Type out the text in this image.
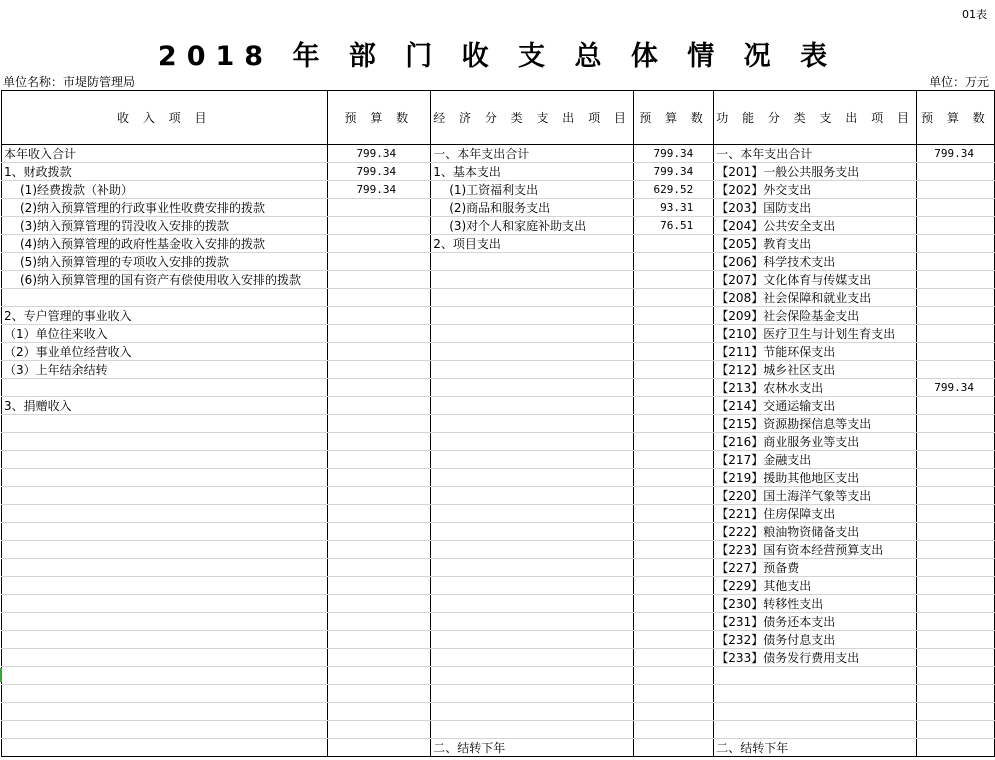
01表
2018 年 部 门 收 支 总 体 情 况 表
单位名称：市堤防管理局	单位：万元
收 入 项 目	预 算 数	经 济 分 类 支 出 项 目	预 算 数	功 能 分 类 支 出 项 目	预 算 数
本年收入合计	799.34	一、本年支出合计	799.34	一、本年支出合计	799.34
1、财政拨款	799.34	1、基本支出	799.34	【201】一般公共服务支出	
(1)经费拨款（补助）	799.34	(1)工资福利支出	629.52	【202】外交支出	
(2)纳入预算管理的行政事业性收费安排的拨款		(2)商品和服务支出	93.31	【203】国防支出	
(3)纳入预算管理的罚没收入安排的拨款		(3)对个人和家庭补助支出	76.51	【204】公共安全支出	
(4)纳入预算管理的政府性基金收入安排的拨款		2、项目支出		【205】教育支出	
(5)纳入预算管理的专项收入安排的拨款				【206】科学技术支出	
(6)纳入预算管理的国有资产有偿使用收入安排的拨款				【207】文化体育与传媒支出	
				【208】社会保障和就业支出	
2、专户管理的事业收入				【209】社会保险基金支出	
（1）单位往来收入				【210】医疗卫生与计划生育支出	
（2）事业单位经营收入				【211】节能环保支出	
（3）上年结余结转				【212】城乡社区支出	
				【213】农林水支出	799.34
3、捐赠收入				【214】交通运输支出	
				【215】资源勘探信息等支出	
				【216】商业服务业等支出	
				【217】金融支出	
				【219】援助其他地区支出	
				【220】国土海洋气象等支出	
				【221】住房保障支出	
				【222】粮油物资储备支出	
				【223】国有资本经营预算支出	
				【227】预备费	
				【229】其他支出	
				【230】转移性支出	
				【231】债务还本支出	
				【232】债务付息支出	
				【233】债务发行费用支出	

		二、结转下年		二、结转下年	
